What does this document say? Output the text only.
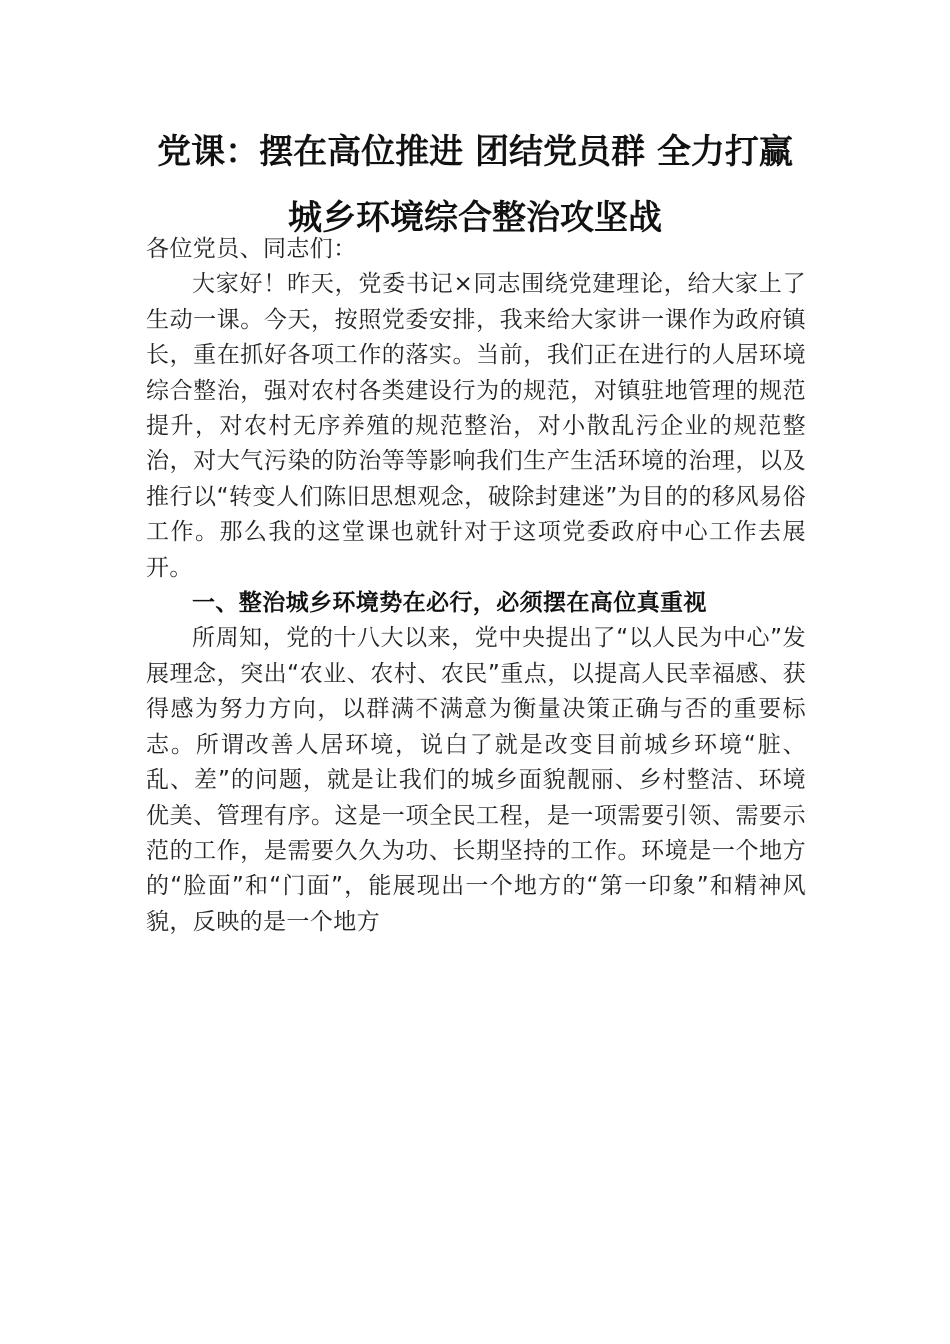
党课：摆在高位推进 团结党员群 全力打赢
城乡环境综合整治攻坚战

各位党员、同志们：

大家好！昨天，党委书记×同志围绕党建理论，给大家上了生动一课。今天，按照党委安排，我来给大家讲一课作为政府镇长，重在抓好各项工作的落实。当前，我们正在进行的人居环境综合整治，强对农村各类建设行为的规范，对镇驻地管理的规范提升，对农村无序养殖的规范整治，对小散乱污企业的规范整治，对大气污染的防治等等影响我们生产生活环境的治理，以及推行以“转变人们陈旧思想观念，破除封建迷”为目的的移风易俗工作。那么我的这堂课也就针对于这项党委政府中心工作去展开。

一、整治城乡环境势在必行，必须摆在高位真重视

所周知，党的十八大以来，党中央提出了“以人民为中心”发展理念，突出“农业、农村、农民”重点，以提高人民幸福感、获得感为努力方向，以群满不满意为衡量决策正确与否的重要标志。所谓改善人居环境，说白了就是改变目前城乡环境“脏、乱、差”的问题，就是让我们的城乡面貌靓丽、乡村整洁、环境优美、管理有序。这是一项全民工程，是一项需要引领、需要示范的工作，是需要久久为功、长期坚持的工作。环境是一个地方的“脸面”和“门面”，能展现出一个地方的“第一印象”和精神风貌，反映的是一个地方
